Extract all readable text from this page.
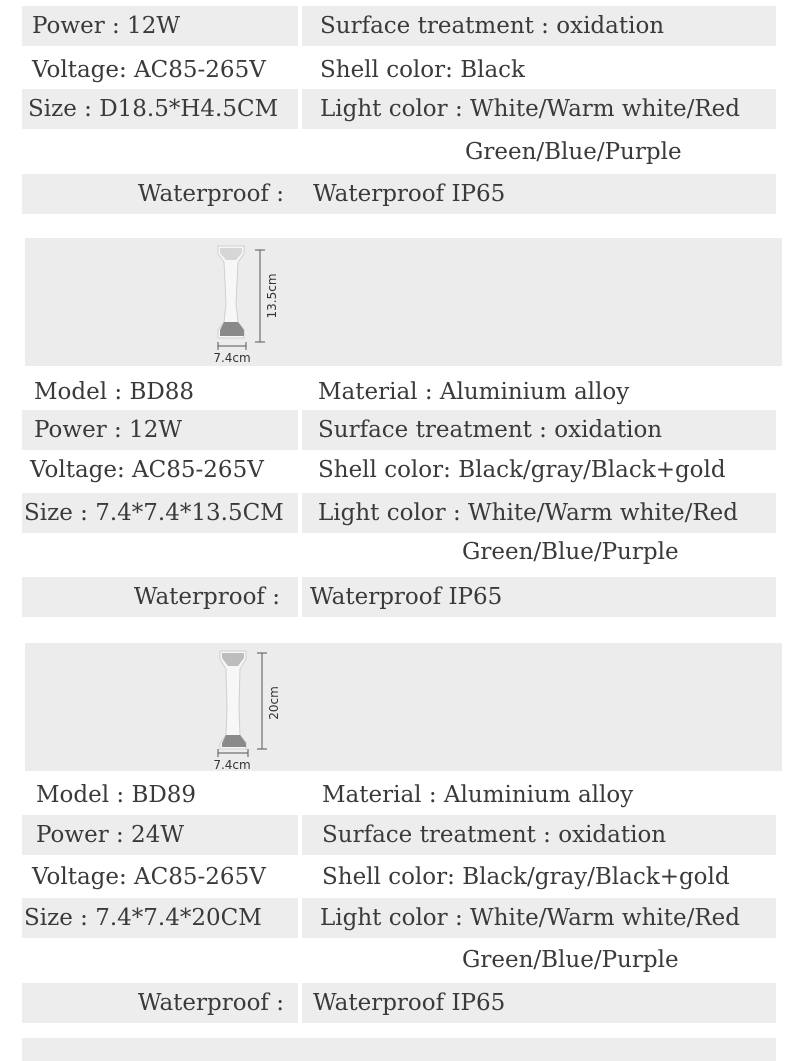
Power : 12W	Surface treatment : oxidation
Voltage: AC85-265V	Shell color: Black
Size : D18.5*H4.5CM	Light color : White/Warm white/Red
Green/Blue/Purple
Waterproof :	Waterproof IP65
13.5cm
7.4cm
Model : BD88	Material : Aluminium alloy
Power : 12W	Surface treatment : oxidation
Voltage: AC85-265V	Shell color: Black/gray/Black+gold
Size : 7.4*7.4*13.5CM	Light color : White/Warm white/Red
Green/Blue/Purple
Waterproof :	Waterproof IP65
20cm
7.4cm
Model : BD89	Material : Aluminium alloy
Power : 24W	Surface treatment : oxidation
Voltage: AC85-265V	Shell color: Black/gray/Black+gold
Size : 7.4*7.4*20CM	Light color : White/Warm white/Red
Green/Blue/Purple
Waterproof :	Waterproof IP65
